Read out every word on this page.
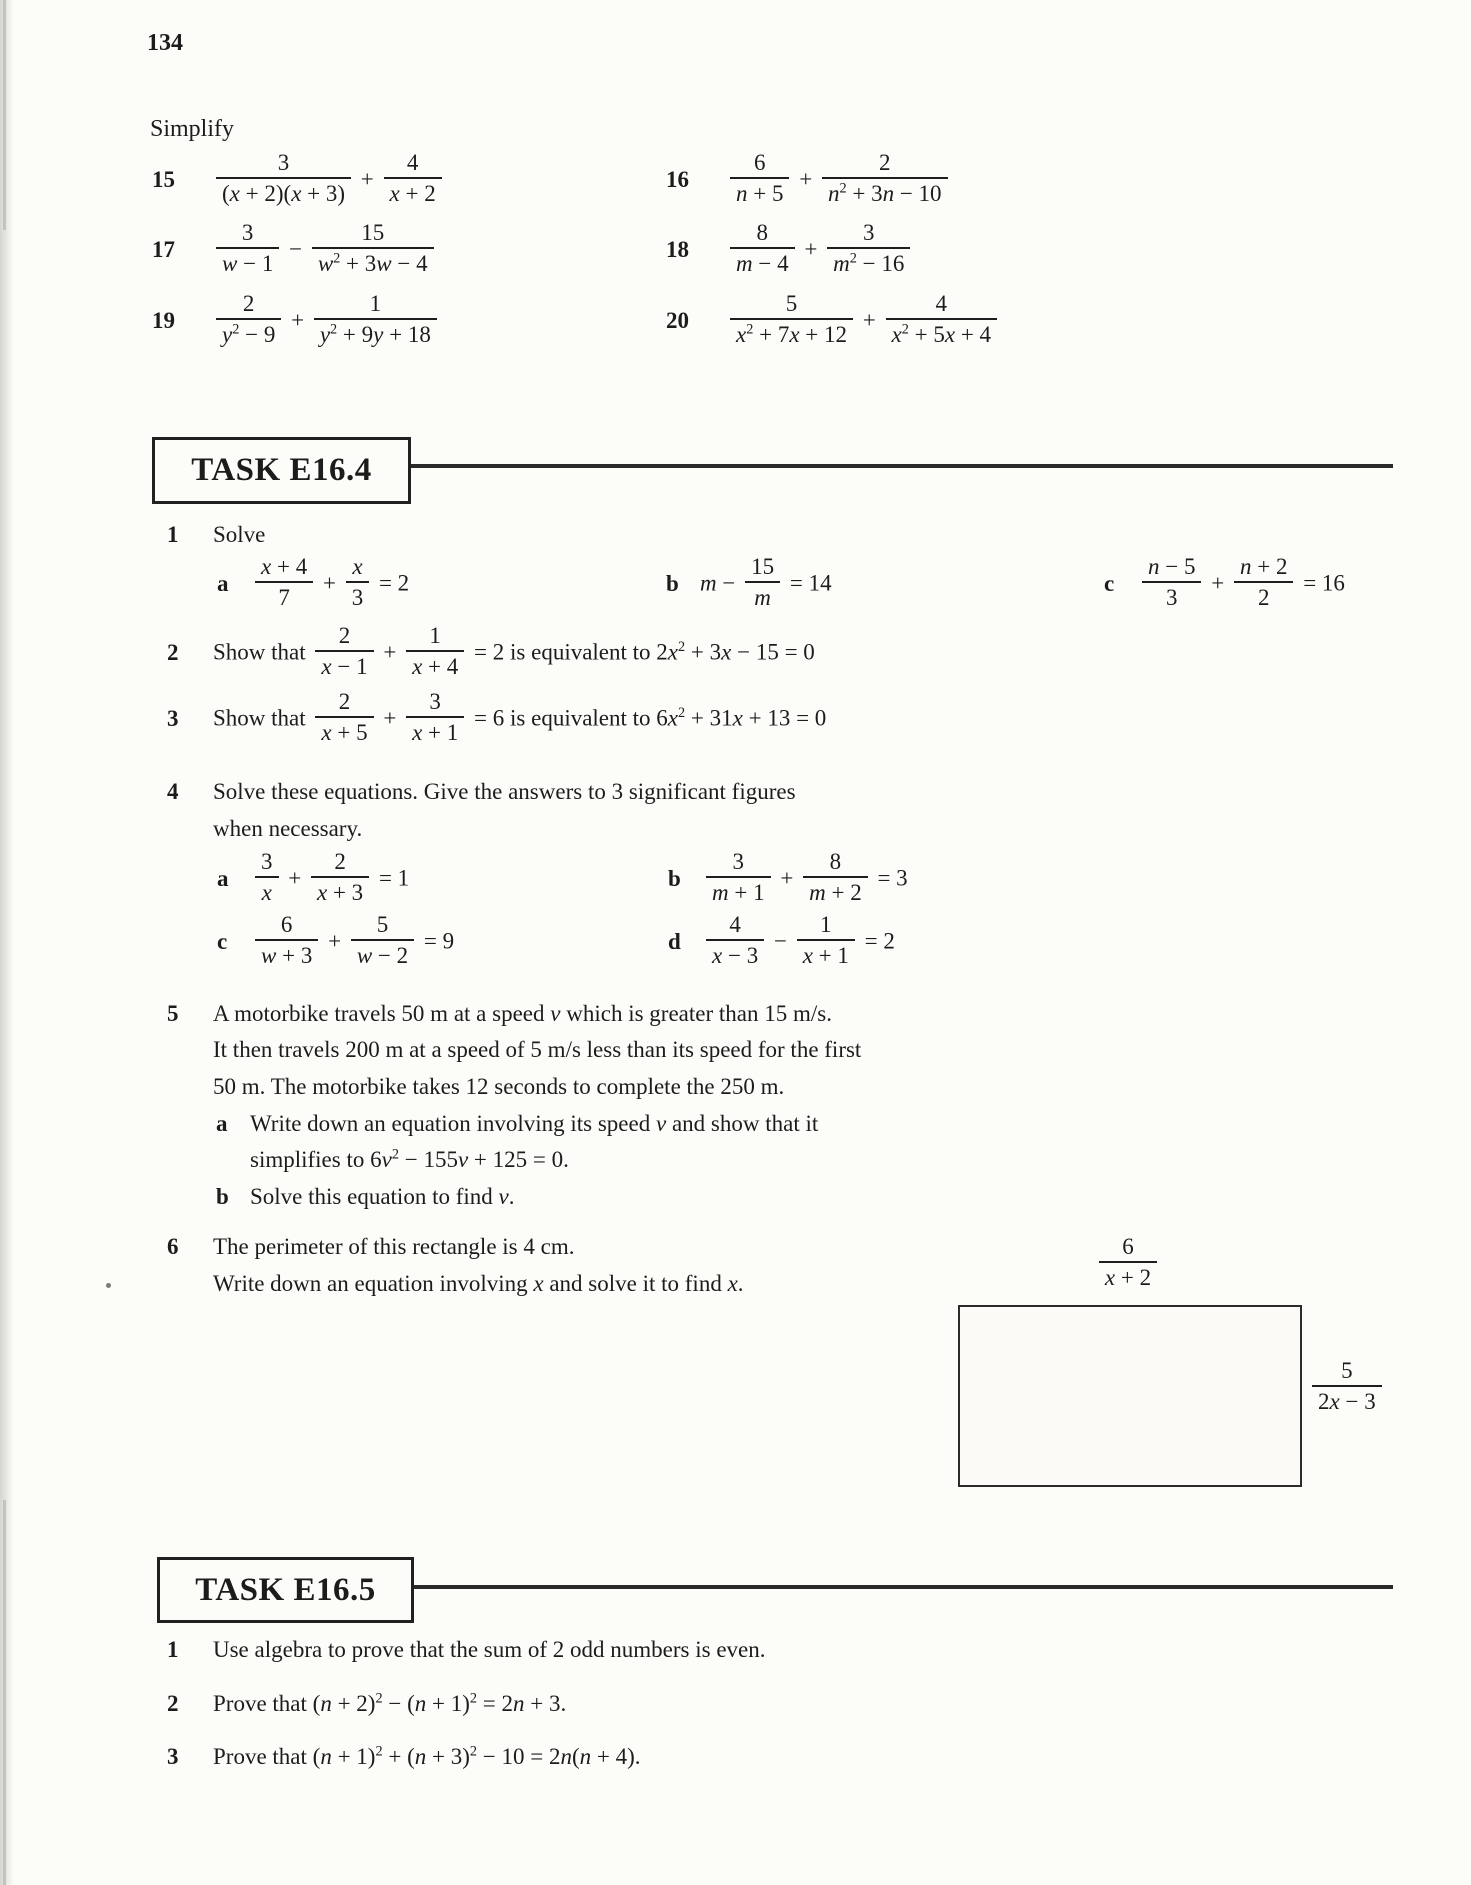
134
Simplify
$15 \frac{3}{(x + 2)(x + 3)} + \frac{4}{x + 2}$	$16 \frac{6}{n + 5} + \frac{2}{n^2 + 3n - 10}$
$17 \frac{3}{w - 1} - \frac{15}{w^2 + 3w - 4}$	$18 \frac{8}{m - 4} + \frac{3}{m^2 - 16}$
$19 \frac{2}{y^2 - 9} + \frac{1}{y^2 + 9y + 18}$	$20 \frac{5}{x^2 + 7x + 12} + \frac{4}{x^2 + 5x + 4}$
TASK E16.4
1 Solve
a $\frac{x + 4}{7} + \frac{x}{3} = 2$	b $m - \frac{15}{m} = 14$	c $\frac{n - 5}{3} + \frac{n + 2}{2} = 16$
2 Show that $\frac{2}{x - 1} + \frac{1}{x + 4} = 2$ is equivalent to $2x^2 + 3x - 15 = 0$
3 Show that $\frac{2}{x + 5} + \frac{3}{x + 1} = 6$ is equivalent to $6x^2 + 31x + 13 = 0$
4 Solve these equations. Give the answers to 3 significant figures
when necessary.
a $\frac{3}{x} + \frac{2}{x + 3} = 1$	b $\frac{3}{m + 1} + \frac{8}{m + 2} = 3$
c $\frac{6}{w + 3} + \frac{5}{w - 2} = 9$	d $\frac{4}{x - 3} - \frac{1}{x + 1} = 2$
5	A motorbike travels 50 m at a speed v which is greater than 15 m/s.
It then travels 200 m at a speed of 5 m/s less than its speed for the first
50 m. The motorbike takes 12 seconds to complete the 250 m.
a Write down an equation involving its speed v and show that it
simplifies to $6v^2 - 155v + 125 = 0$.
b Solve this equation to find v.
6	The perimeter of this rectangle is 4 cm.
Write down an equation involving x and solve it to find x.	$\frac{6}{x + 2}$
$\frac{5}{2x - 3}$
TASK E16.5
1 Use algebra to prove that the sum of 2 odd numbers is even.
2 Prove that $(n + 2)^2 - (n + 1)^2 = 2n + 3$.
3 Prove that $(n + 1)^2 + (n + 3)^2 - 10 = 2n(n + 4)$.
